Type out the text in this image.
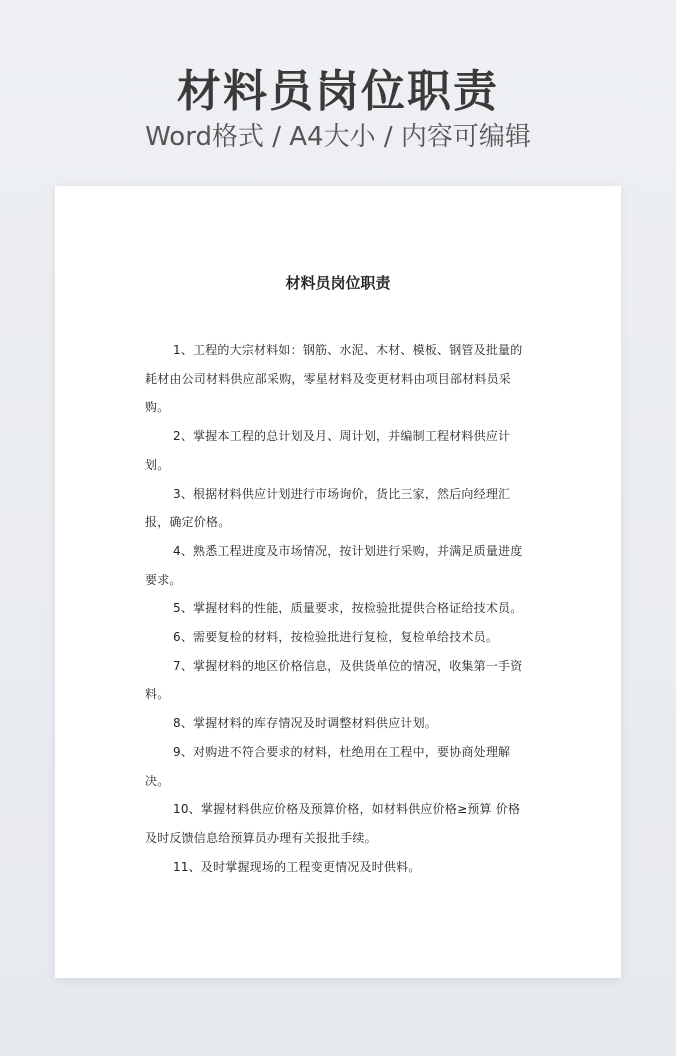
材料员岗位职责
Word格式 / A4大小 / 内容可编辑
材料员岗位职责

1、工程的大宗材料如：钢筋、水泥、木材、模板、钢管及批量的耗材由公司材料供应部采购，零星材料及变更材料由项目部材料员采购。

2、掌握本工程的总计划及月、周计划，并编制工程材料供应计划。

3、根据材料供应计划进行市场询价，货比三家，然后向经理汇报，确定价格。

4、熟悉工程进度及市场情况，按计划进行采购，并满足质量进度要求。

5、掌握材料的性能，质量要求，按检验批提供合格证给技术员。

6、需要复检的材料，按检验批进行复检，复检单给技术员。

7、掌握材料的地区价格信息，及供货单位的情况，收集第一手资料。

8、掌握材料的库存情况及时调整材料供应计划。

9、对购进不符合要求的材料，杜绝用在工程中，要协商处理解决。

10、掌握材料供应价格及预算价格，如材料供应价格≥预算 价格及时反馈信息给预算员办理有关报批手续。

11、及时掌握现场的工程变更情况及时供料。
